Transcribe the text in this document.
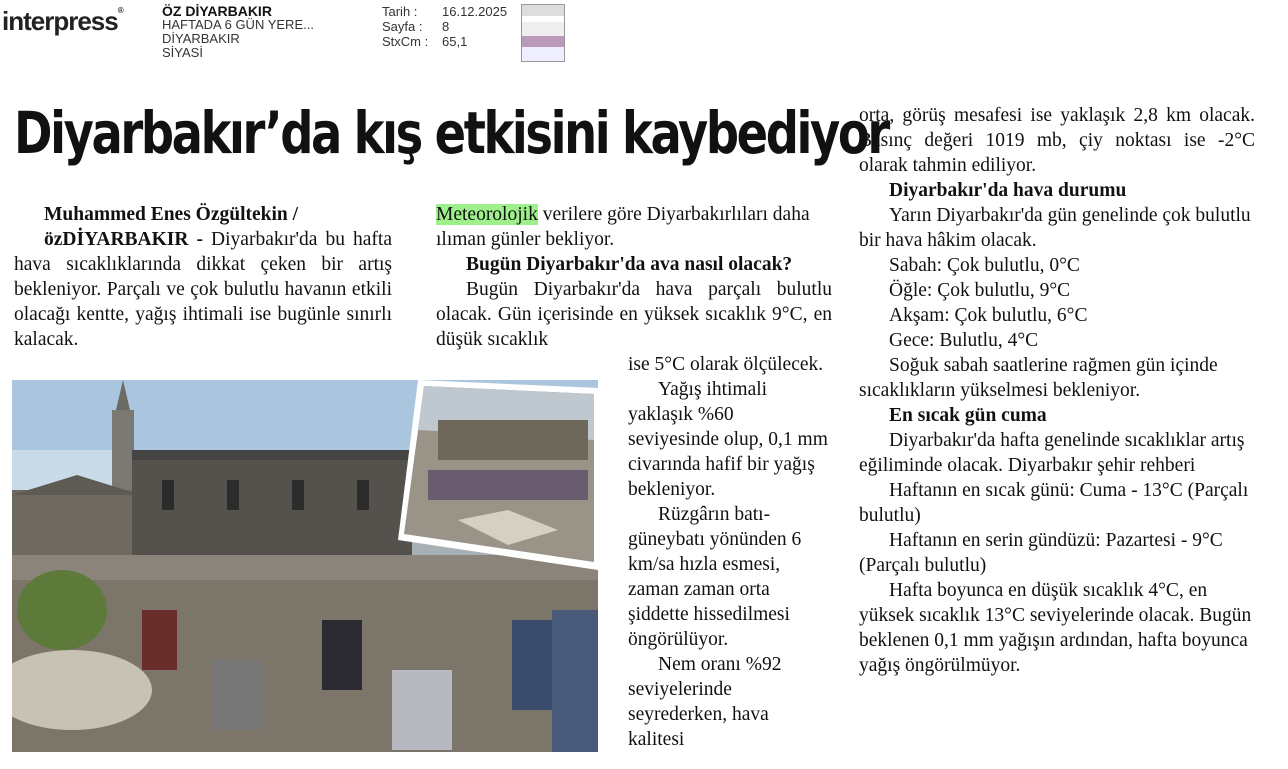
interpress®	ÖZ DİYARBAKIR
HAFTADA 6 GÜN YERE...
DİYARBAKIR
SİYASİ
Tarih :	16.12.2025
Sayfa :	8
StxCm :	65,1
Diyarbakır’da kış etkisini kaybediyor

Muhammed Enes Özgültekin /

özDİYARBAKIR - Diyarbakır'da bu hafta hava sıcaklıklarında dikkat çeken bir artış bekleniyor. Parçalı ve çok bulutlu havanın etkili olacağı kentte, yağış ihtimali ise bugünle sınırlı kalacak.

Meteorolojik verilere göre Diyarbakırlıları daha ılıman günler bekliyor.

Bugün Diyarbakır'da ava nasıl olacak?

Bugün Diyarbakır'da hava parçalı bulutlu olacak. Gün içerisinde en yüksek sıcaklık 9°C, en düşük sıcaklık

ise 5°C olarak ölçülecek.

Yağış ihtimali yaklaşık %60 seviyesinde olup, 0,1 mm civarında hafif bir yağış bekleniyor.

Rüzgârın batı-güneybatı yönünden 6 km/sa hızla esmesi, zaman zaman orta şiddette hissedilmesi öngörülüyor.

Nem oranı %92 seviyelerinde seyrederken, hava kalitesi

orta, görüş mesafesi ise yaklaşık 2,8 km olacak. Basınç değeri 1019 mb, çiy noktası ise -2°C olarak tahmin ediliyor.

Diyarbakır'da hava durumu

Yarın Diyarbakır'da gün genelinde çok bulutlu bir hava hâkim olacak.

Sabah: Çok bulutlu, 0°C

Öğle: Çok bulutlu, 9°C

Akşam: Çok bulutlu, 6°C

Gece: Bulutlu, 4°C

Soğuk sabah saatlerine rağmen gün içinde sıcaklıkların yükselmesi bekleniyor.

En sıcak gün cuma

Diyarbakır'da hafta genelinde sıcaklıklar artış eğiliminde olacak. Diyarbakır şehir rehberi

Haftanın en sıcak günü: Cuma - 13°C (Parçalı bulutlu)

Haftanın en serin gündüzü: Pazartesi - 9°C (Parçalı bulutlu)

Hafta boyunca en düşük sıcaklık 4°C, en yüksek sıcaklık 13°C seviyelerinde olacak. Bugün beklenen 0,1 mm yağışın ardından, hafta boyunca yağış öngörülmüyor.
